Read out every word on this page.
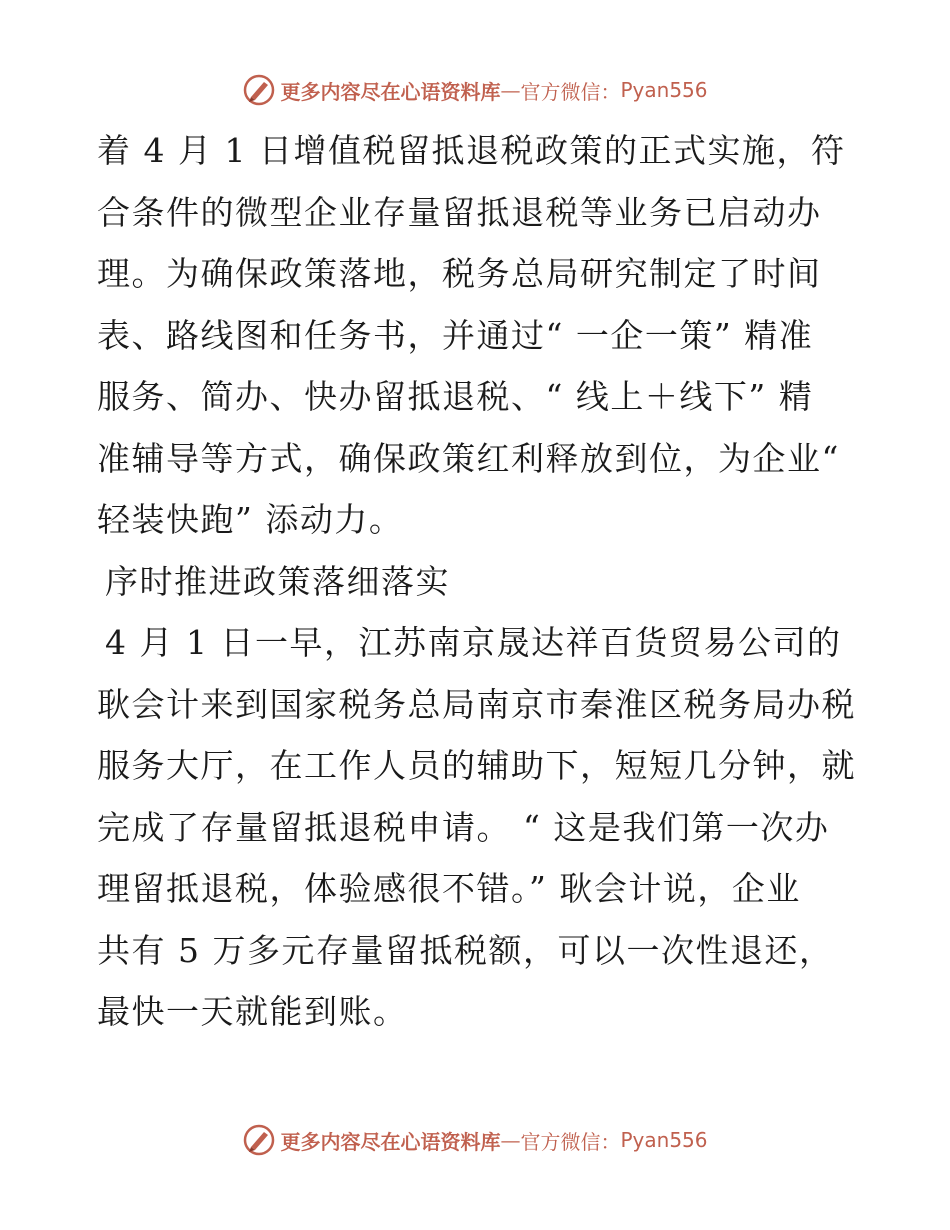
更多内容尽在心语资料库 — 官方微信： Pyan556
着 4 月 1 日增值税留抵退税政策的正式实施，符
合条件的微型企业存量留抵退税等业务已启动办
理。为确保政策落地，税务总局研究制定了时间
表、路线图和任务书，并通过“ 一企一策” 精准
服务、简办、快办留抵退税、“ 线上＋线下” 精
准辅导等方式，确保政策红利释放到位，为企业“
轻装快跑” 添动力。
序时推进政策落细落实
4 月 1 日一早，江苏南京晟达祥百货贸易公司的
耿会计来到国家税务总局南京市秦淮区税务局办税
服务大厅，在工作人员的辅助下，短短几分钟，就
完成了存量留抵退税申请。 “ 这是我们第一次办
理留抵退税，体验感很不错。” 耿会计说，企业
共有 5 万多元存量留抵税额，可以一次性退还，
最快一天就能到账。
更多内容尽在心语资料库 — 官方微信： Pyan556
